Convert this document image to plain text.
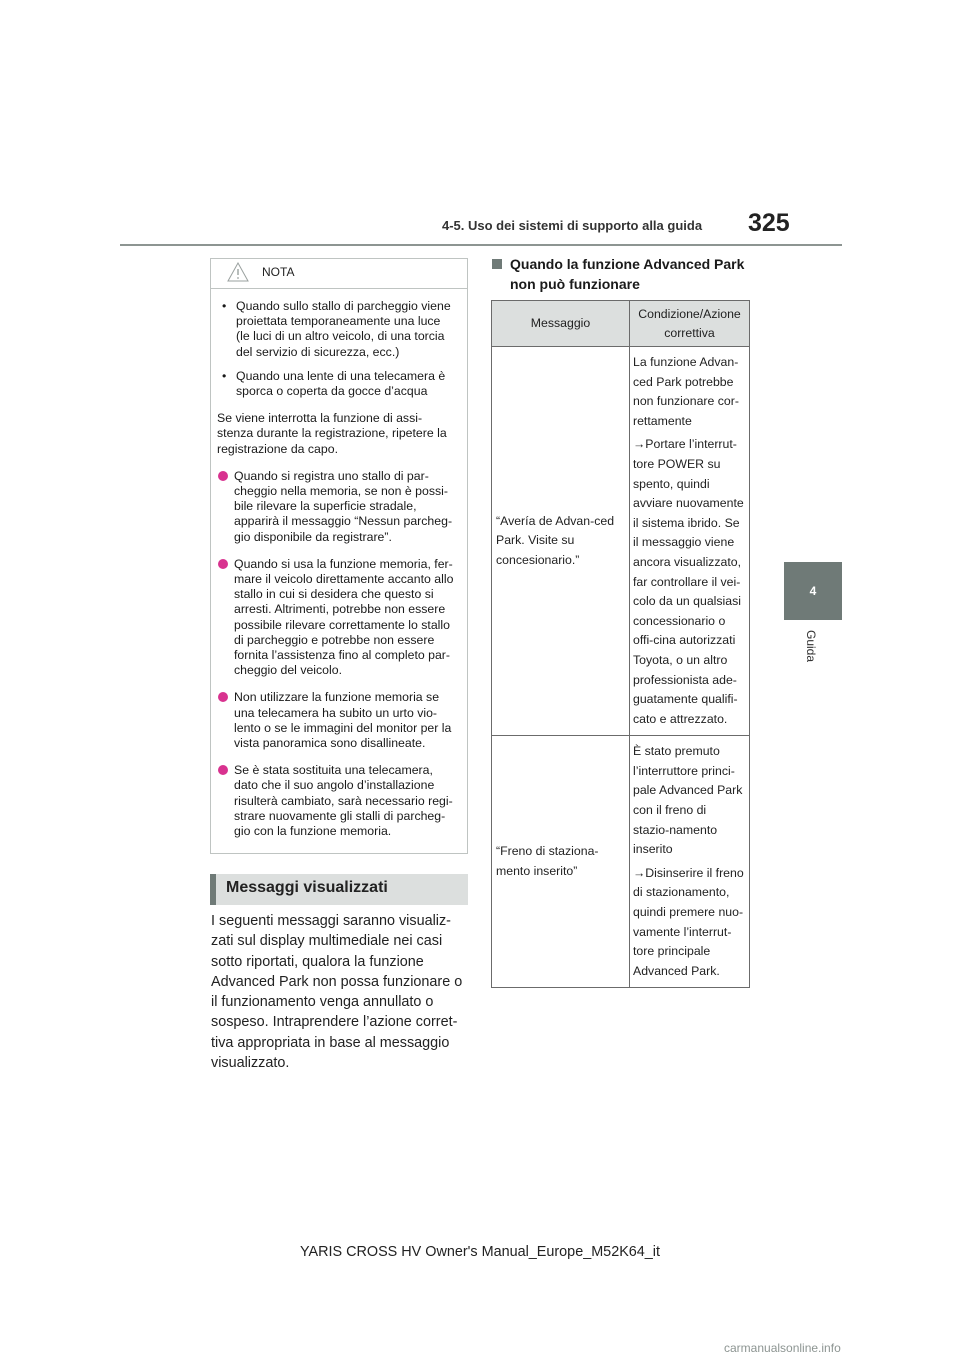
4-5. Uso dei sistemi di supporto alla guida 325
4
Guida
NOTA
• Quando sullo stallo di parcheggio viene proiettata temporaneamente una luce (le luci di un altro veicolo, di una torcia del servizio di sicurezza, ecc.)
• Quando una lente di una telecamera è sporca o coperta da gocce d’acqua
Se viene interrotta la funzione di assi-stenza durante la registrazione, ripetere la registrazione da capo.
Quando si registra uno stallo di par-cheggio nella memoria, se non è possi-bile rilevare la superficie stradale, apparirà il messaggio “Nessun parcheg-gio disponibile da registrare”.
Quando si usa la funzione memoria, fer-mare il veicolo direttamente accanto allo stallo in cui si desidera che questo si arresti. Altrimenti, potrebbe non essere possibile rilevare correttamente lo stallo di parcheggio e potrebbe non essere fornita l’assistenza fino al completo par-cheggio del veicolo.
Non utilizzare la funzione memoria se una telecamera ha subito un urto vio-lento o se le immagini del monitor per la vista panoramica sono disallineate.
Se è stata sostituita una telecamera, dato che il suo angolo d’installazione risulterà cambiato, sarà necessario regi-strare nuovamente gli stalli di parcheg-gio con la funzione memoria.
Messaggi visualizzati
I seguenti messaggi saranno visualiz-zati sul display multimediale nei casi sotto riportati, qualora la funzione Advanced Park non possa funzionare o il funzionamento venga annullato o sospeso. Intraprendere l’azione corret-tiva appropriata in base al messaggio visualizzato.
Quando la funzione Advanced Park non può funzionare
Messaggio	Condizione/Azione correttiva
“Avería de Advan-ced Park. Visite su concesionario.”	La funzione Advan-ced Park potrebbe non funzionare cor-rettamente

→Portare l’interrut-tore POWER su spento, quindi avviare nuovamente il sistema ibrido. Se il messaggio viene ancora visualizzato, far controllare il vei-colo da un qualsiasi concessionario o offi-cina autorizzati Toyota, o un altro professionista ade-guatamente qualifi-cato e attrezzato.

“Freno di staziona-mento inserito”	È stato premuto l’interruttore princi-pale Advanced Park con il freno di stazio-namento inserito

→Disinserire il freno di stazionamento, quindi premere nuo-vamente l’interrut-tore principale Advanced Park.

YARIS CROSS HV Owner's Manual_Europe_M52K64_it
carmanualsonline.info
